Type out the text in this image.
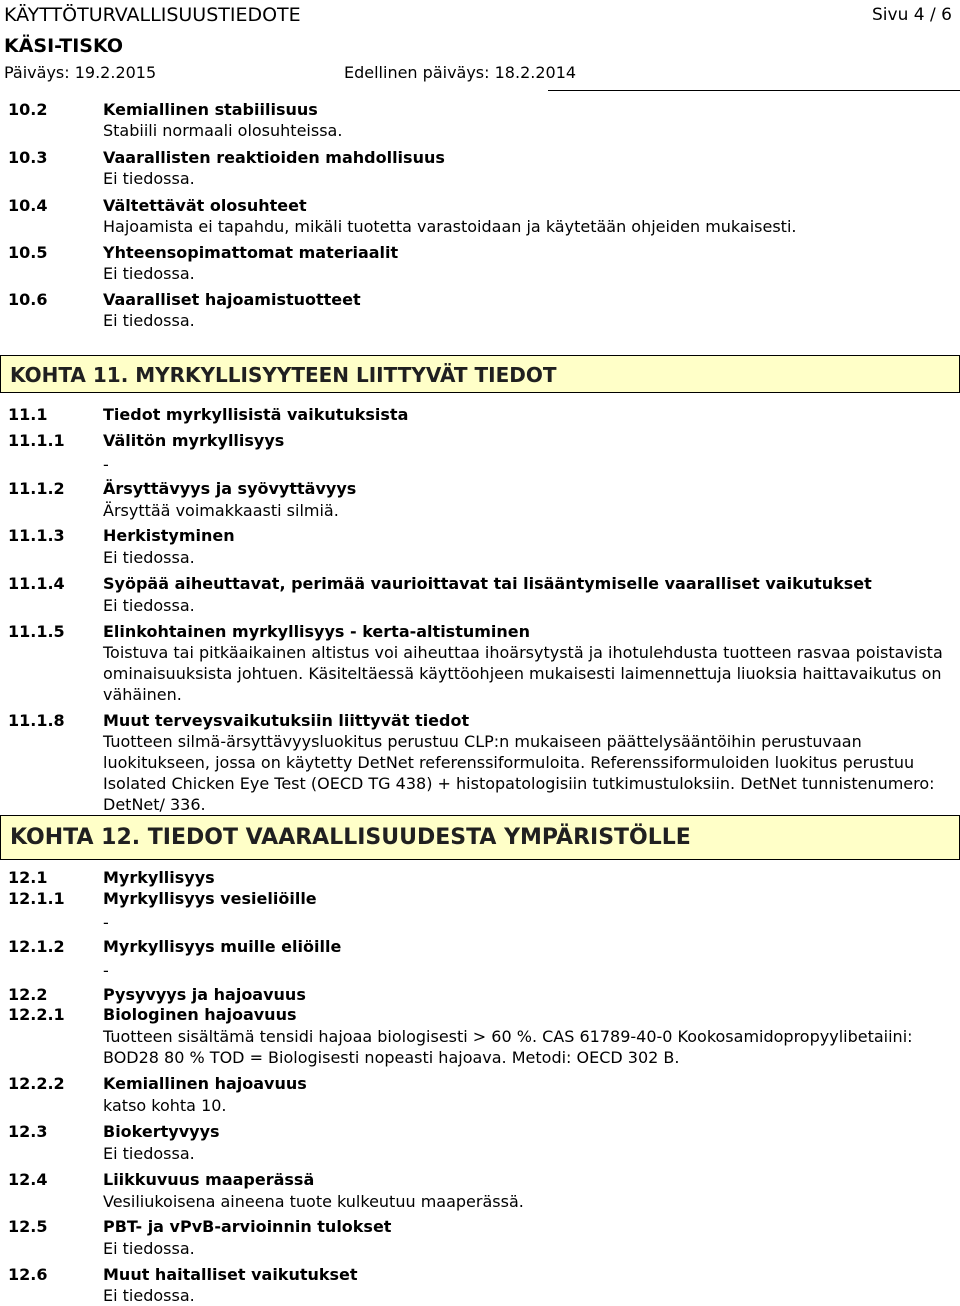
KÄYTTÖTURVALLISUUSTIEDOTE
KÄSI-TISKO
Sivu 4 / 6
Päiväys: 19.2.2015	Edellinen päiväys: 18.2.2014
10.2	Kemiallinen stabiilisuus
Stabiili normaali olosuhteissa.
10.3	Vaarallisten reaktioiden mahdollisuus
Ei tiedossa.
10.4	Vältettävät olosuhteet
Hajoamista ei tapahdu, mikäli tuotetta varastoidaan ja käytetään ohjeiden mukaisesti.
10.5	Yhteensopimattomat materiaalit
Ei tiedossa.
10.6	Vaaralliset hajoamistuotteet
Ei tiedossa.
KOHTA 11. MYRKYLLISYYTEEN LIITTYVÄT TIEDOT
11.1	Tiedot myrkyllisistä vaikutuksista
11.1.1 Välitön myrkyllisyys
-
11.1.2 Ärsyttävyys ja syövyttävyys
Ärsyttää voimakkaasti silmiä.
11.1.3 Herkistyminen
Ei tiedossa.
11.1.4 Syöpää aiheuttavat, perimää vaurioittavat tai lisääntymiselle vaaralliset vaikutukset
Ei tiedossa.
11.1.5 Elinkohtainen myrkyllisyys - kerta-altistuminen
Toistuva tai pitkäaikainen altistus voi aiheuttaa ihoärsytystä ja ihotulehdusta tuotteen rasvaa poistavista ominaisuuksista johtuen. Käsiteltäessä käyttöohjeen mukaisesti laimennettuja liuoksia haittavaikutus on vähäinen.
11.1.8 Muut terveysvaikutuksiin liittyvät tiedot
Tuotteen silmä-ärsyttävyysluokitus perustuu CLP:n mukaiseen päättelysääntöihin perustuvaan luokitukseen, jossa on käytetty DetNet referenssiformuloita. Referenssiformuloiden luokitus perustuu Isolated Chicken Eye Test (OECD TG 438) + histopatologisiin tutkimustuloksiin. DetNet tunnistenumero: DetNet/ 336.
KOHTA 12. TIEDOT VAARALLISUUDESTA YMPÄRISTÖLLE
12.1	Myrkyllisyys
12.1.1 Myrkyllisyys vesieliöille
-
12.1.2 Myrkyllisyys muille eliöille
-
12.2	Pysyvyys ja hajoavuus
12.2.1 Biologinen hajoavuus
Tuotteen sisältämä tensidi hajoaa biologisesti > 60 %. CAS 61789-40-0 Kookosamidopropyylibetaiini: BOD28 80 % TOD = Biologisesti nopeasti hajoava. Metodi: OECD 302 B.
12.2.2 Kemiallinen hajoavuus
katso kohta 10.
12.3	Biokertyvyys
Ei tiedossa.
12.4	Liikkuvuus maaperässä
Vesiliukoisena aineena tuote kulkeutuu maaperässä.
12.5	PBT- ja vPvB-arvioinnin tulokset
Ei tiedossa.
12.6	Muut haitalliset vaikutukset
Ei tiedossa.
